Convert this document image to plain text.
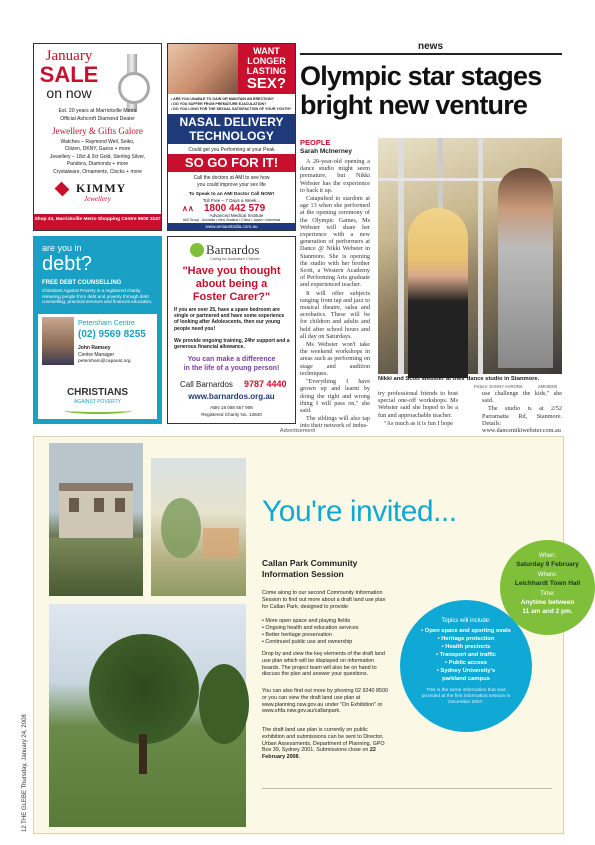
January
SALE
on now
Est. 20 years at Marrickville Metro
Official Ashcroft Diamond Dealer
Jewellery & Gifts Galore
Watches – Raymond Weil, Seiko,
Citizen, DKNY, Guess + more
Jewellery – 18ct & 9ct Gold, Sterling Silver,
Pandora, Diamonds + more
Crystalware, Ornaments, Clocks + more
KIMMY
Jewellery
Shop 43, Marrickville Metro Shopping Centre 9500 3247
WANT
LONGER
LASTING
SEX?
• ARE YOU UNABLE TO GAIN OR MAINTAIN AN ERECTION?
• DO YOU SUFFER FROM PREMATURE EJACULATION?
• DO YOU LONG FOR THE SEXUAL SATISFACTION OF YOUR YOUTH?
NASAL DELIVERY
TECHNOLOGY
Could get you Performing at your Peak
SO GO FOR IT!
Call the doctors at AMI to see how
you could improve your sex life
To Speak to an AMI Doctor Call NOW!
Toll Free – 7 Days a Week...
∧∧ 1800 442 579
Advanced Medical Institute
AMI Group - Australia • New Zealand • China • Japan • Indonesia
www.amiaustralia.com.au
are you in
debt?
FREE DEBT COUNSELLING
Christians Against Poverty is a registered charity releasing people from debt and poverty through debt counselling, practical services and financial education.
Petersham Centre
(02) 9569 8255
John Ramsey
Centre Manager
petersham@capaust.org
CHRISTIANS
AGAINST POVERTY
Barnardos
Caring for Australia's Children
"Have you thought
about being a
Foster Carer?"
If you are over 25, have a spare bedroom are single or partnered and have some experience of looking after Adolescents, then our young people need you!
We provide ongoing training, 24hr support and a generous financial allowance.
You can make a difference
in the life of a young person!
Call Barnardos 9787 4440
www.barnardos.org.au
ABN 18 068 557 906
Registered Charity No. 13840
news
Olympic star stages bright new venture
PEOPLE
Sarah McInerney

A 20-year-old opening a dance studio might seem premature, but Nikki Webster has the experience to back it up.

Catapulted to stardom at age 13 when she performed at the opening ceremony of the Olympic Games, Ms Webster will share her experience with a new generation of performers at Dance @ Nikki Webster in Stanmore. She is opening the studio with her brother Scott, a Western Academy of Performing Arts graduate and experienced teacher.

It will offer subjects ranging from tap and jazz to musical theatre, salsa and acrobatics. These will be for children and adults and held after school hours and all day on Saturdays.

Ms Webster won't take the weekend workshops in areas such as performing on stage and audition techniques.

"Everything I have grown up and learnt by doing the right and wrong thing I will pass on," she said.

The siblings will also tap into their network of indus-

Nikki and Scott Webster at their dance studio in Stanmore.
Picture: DANNY AARONS	SMI00000

try professional friends to host special one-off workshops. Ms Webster said she hoped to be a fun and approachable teacher.

"As much as it is fun I hope

use challenge the kids," she said.

The studio is at 2/52 Parramatta Rd, Stanmore. Details: www.danceniikiwebster.com.au

Advertisement
You're invited...
Callan Park Community
Information Session
Come along to our second Community Information Session to find out more about a draft land use plan for Callan Park, designed to provide:
• More open space and playing fields
• Ongoing health and education services
• Better heritage preservation
• Continued public use and ownership
Drop by and view the key elements of the draft land use plan which will be displayed on information boards. The project team will also be on hand to discuss the plan and answer your questions.
You can also find out more by phoning 02 9240 8500 or you can view the draft land use plan at www.planning.nsw.gov.au under "On Exhibition" or www.shfa.nsw.gov.au/callanpark.
The draft land use plan is currently on public exhibition and submissions can be sent to Director, Urban Assessments, Department of Planning, GPO Box 39, Sydney 2001. Submissions close on 22 February 2008.
When:
Saturday 9 February
Where:
Leichhardt Town Hall
Time:
Anytime between
11 am and 2 pm.
Topics will include:
• Open space and sporting ovals
• Heritage protection
• Health precincts
• Transport and traffic
• Public access
• Sydney University's
parkland campus
This is the same information that was provided at the first information session in December 2007.
12 THE GLEBE Thursday, January 24, 2008
